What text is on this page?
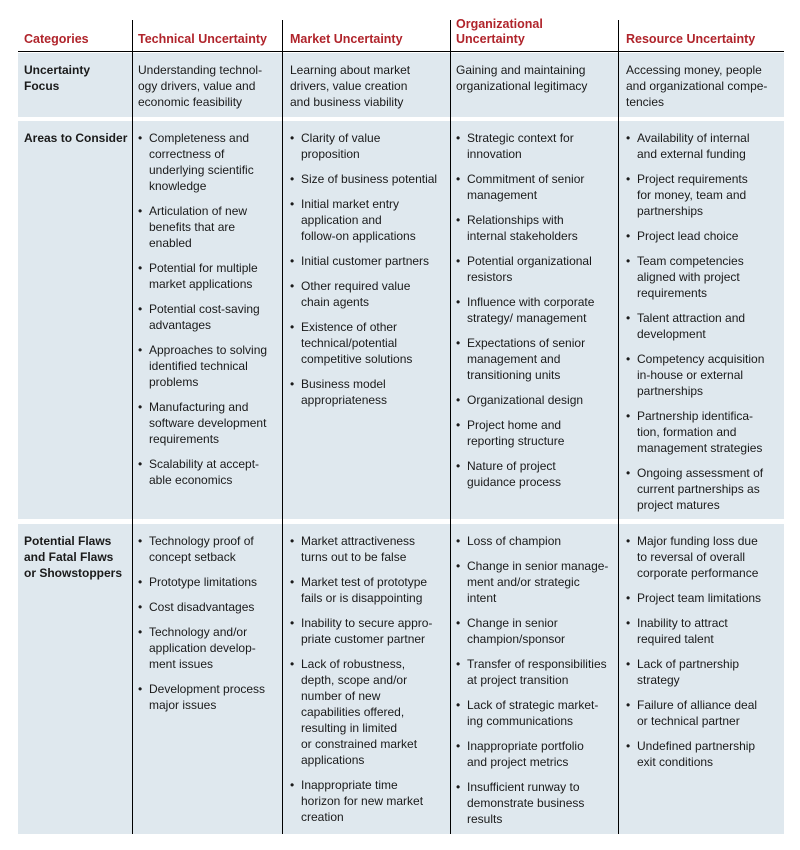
Categories	Technical Uncertainty	Market Uncertainty
Organizational
Uncertainty	Resource Uncertainty
Uncertainty
Focus
Understanding technol-
ogy drivers, value and
economic feasibility
Learning about market
drivers, value creation
and business viability
Gaining and maintaining
organizational legitimacy
Accessing money, people
and organizational compe-
tencies
Areas to Consider
•	Completeness and
correctness of
underlying scientific
knowledge
• Articulation of new
benefits that are
enabled
• Potential for multiple
market applications
• Potential cost-saving
advantages
• Approaches to solving
identified technical
problems
• Manufacturing and
software development
requirements
• Scalability at accept-
able economics
• Clarity of value
proposition
• Size of business potential
• Initial market entry
application and
follow-on applications
• Initial customer partners
• Other required value
chain agents
• Existence of other
technical/potential
competitive solutions
• Business model
appropriateness
• Strategic context for
innovation
• Commitment of senior
management
• Relationships with
internal stakeholders
• Potential organizational
resistors
• Influence with corporate
strategy/ management
• Expectations of senior
management and
transitioning units
• Organizational design
• Project home and
reporting structure
• Nature of project
guidance process
• Availability of internal
and external funding
• Project requirements
for money, team and
partnerships
• Project lead choice
• Team competencies
aligned with project
requirements
• Talent attraction and
development
• Competency acquisition
in-house or external
partnerships
• Partnership identifica-
tion, formation and
management strategies
• Ongoing assessment of
current partnerships as
project matures
Potential Flaws
and Fatal Flaws
or Showstoppers
• Technology proof of
concept setback
• Prototype limitations
• Cost disadvantages
• Technology and/or
application develop-
ment issues
• Development process
major issues
• Market attractiveness
turns out to be false
• Market test of prototype
fails or is disappointing
• Inability to secure appro-
priate customer partner
• Lack of robustness,
depth, scope and/or
number of new
capabilities offered,
resulting in limited
or constrained market
applications
• Inappropriate time
horizon for new market
creation
• Loss of champion
• Change in senior manage-
ment and/or strategic
intent
• Change in senior
champion/sponsor
• Transfer of responsibilities
at project transition
• Lack of strategic market-
ing communications
• Inappropriate portfolio
and project metrics
• Insufficient runway to
demonstrate business
results
• Major funding loss due
to reversal of overall
corporate performance
• Project team limitations
• Inability to attract
required talent
• Lack of partnership
strategy
• Failure of alliance deal
or technical partner
• Undefined partnership
exit conditions
